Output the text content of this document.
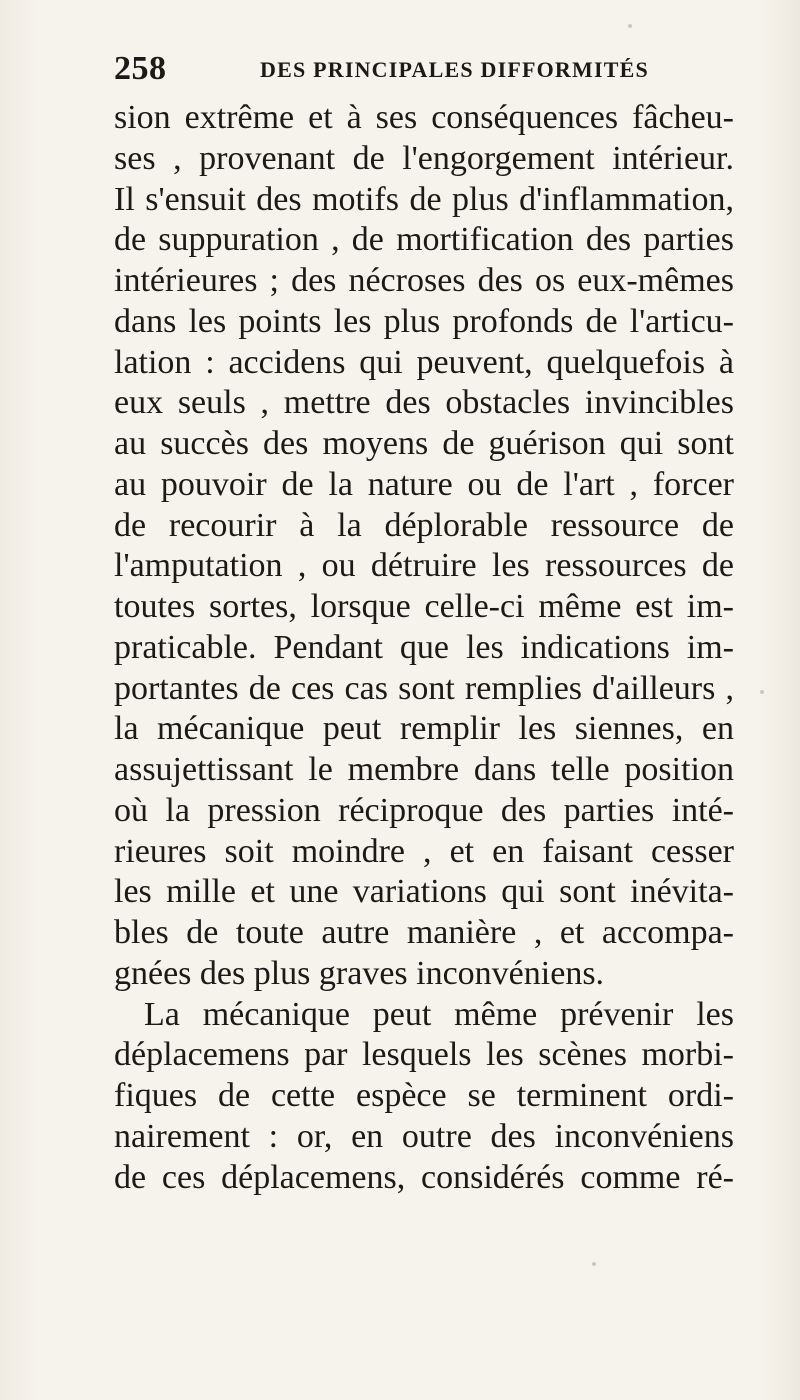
258	DES PRINCIPALES DIFFORMITÉS
sion extrême et à ses conséquences fâcheu-
ses , provenant de l'engorgement intérieur.
Il s'ensuit des motifs de plus d'inflammation,
de suppuration , de mortification des parties
intérieures ; des nécroses des os eux-mêmes
dans les points les plus profonds de l'articu-
lation : accidens qui peuvent, quelquefois à
eux seuls , mettre des obstacles invincibles
au succès des moyens de guérison qui sont
au pouvoir de la nature ou de l'art , forcer
de recourir à la déplorable ressource de
l'amputation , ou détruire les ressources de
toutes sortes, lorsque celle-ci même est im-
praticable. Pendant que les indications im-
portantes de ces cas sont remplies d'ailleurs ,
la mécanique peut remplir les siennes, en
assujettissant le membre dans telle position
où la pression réciproque des parties inté-
rieures soit moindre , et en faisant cesser
les mille et une variations qui sont inévita-
bles de toute autre manière , et accompa-
gnées des plus graves inconvéniens.
La mécanique peut même prévenir les
déplacemens par lesquels les scènes morbi-
fiques de cette espèce se terminent ordi-
nairement : or, en outre des inconvéniens
de ces déplacemens, considérés comme ré-
